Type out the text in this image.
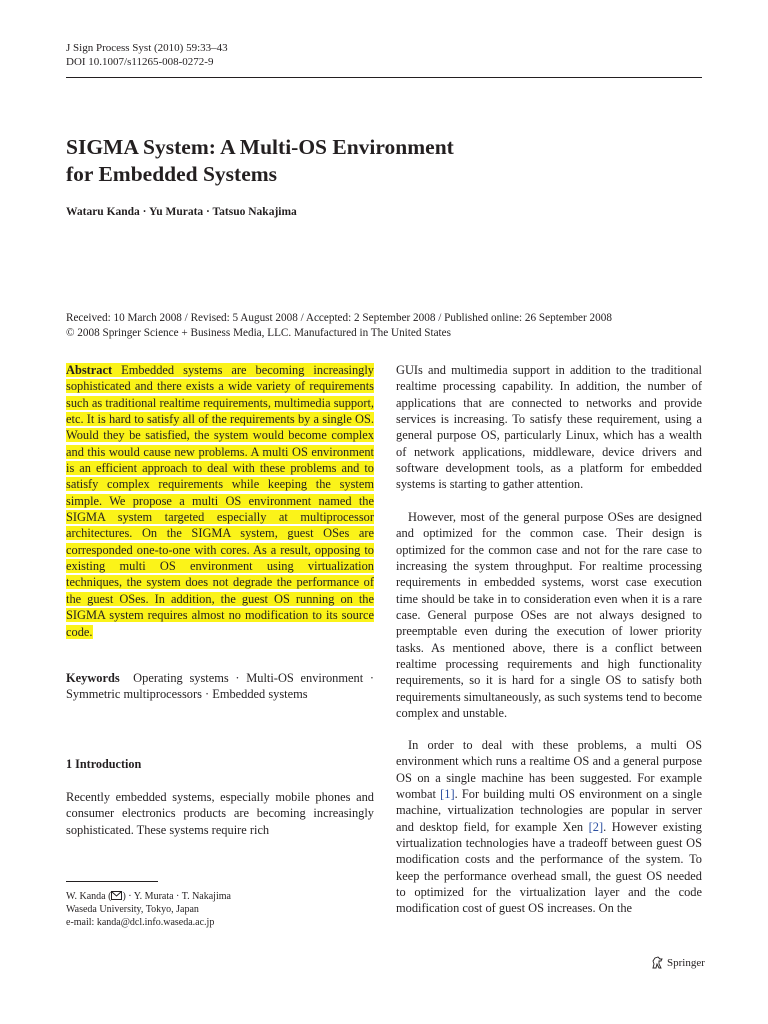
J Sign Process Syst (2010) 59:33–43
DOI 10.1007/s11265-008-0272-9
SIGMA System: A Multi-OS Environment
for Embedded Systems
Wataru Kanda · Yu Murata · Tatsuo Nakajima
Received: 10 March 2008 / Revised: 5 August 2008 / Accepted: 2 September 2008 / Published online: 26 September 2008
© 2008 Springer Science + Business Media, LLC. Manufactured in The United States
Abstract Embedded systems are becoming increasingly sophisticated and there exists a wide variety of requirements such as traditional realtime requirements, multimedia support, etc. It is hard to satisfy all of the requirements by a single OS. Would they be satisfied, the system would become complex and this would cause new problems. A multi OS environment is an efficient approach to deal with these problems and to satisfy complex requirements while keeping the system simple. We propose a multi OS environment named the SIGMA system targeted especially at multiprocessor architectures. On the SIGMA system, guest OSes are corresponded one-to-one with cores. As a result, opposing to existing multi OS environment using virtualization techniques, the system does not degrade the performance of the guest OSes. In addition, the guest OS running on the SIGMA system requires almost no modification to its source code.
Keywords Operating systems · Multi-OS environment · Symmetric multiprocessors · Embedded systems
1 Introduction
Recently embedded systems, especially mobile phones and consumer electronics products are becoming increasingly sophisticated. These systems require rich
W. Kanda ( ) · Y. Murata · T. Nakajima
Waseda University, Tokyo, Japan
e-mail: kanda@dcl.info.waseda.ac.jp
GUIs and multimedia support in addition to the traditional realtime processing capability. In addition, the number of applications that are connected to networks and provide services is increasing. To satisfy these requirement, using a general purpose OS, particularly Linux, which has a wealth of network applications, middleware, device drivers and software development tools, as a platform for embedded systems is starting to gather attention.
However, most of the general purpose OSes are designed and optimized for the common case. Their design is optimized for the common case and not for the rare case to increasing the system throughput. For realtime processing requirements in embedded systems, worst case execution time should be take in to consideration even when it is a rare case. General purpose OSes are not always designed to preemptable even during the execution of lower priority tasks. As mentioned above, there is a conflict between realtime processing requirements and high functionality requirements, so it is hard for a single OS to satisfy both requirements simultaneously, as such systems tend to become complex and unstable.
In order to deal with these problems, a multi OS environment which runs a realtime OS and a general purpose OS on a single machine has been suggested. For example wombat [1]. For building multi OS environment on a single machine, virtualization technologies are popular in server and desktop field, for example Xen [2]. However existing virtualization technologies have a tradeoff between guest OS modification costs and the performance of the system. To keep the performance overhead small, the guest OS needed to optimized for the virtualization layer and the code modification cost of guest OS increases. On the
Springer
